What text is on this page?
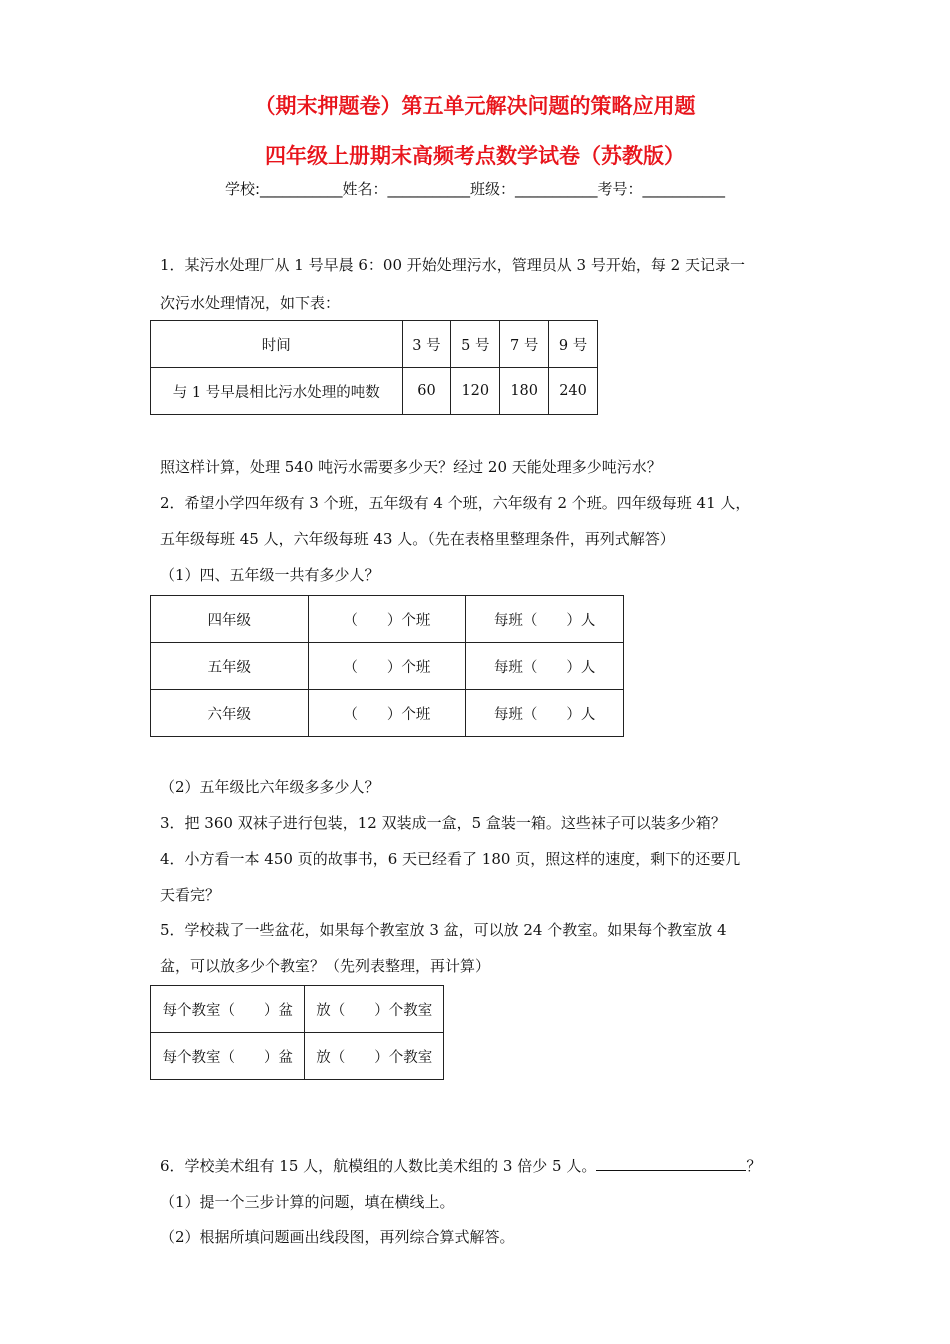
（期末押题卷）第五单元解决问题的策略应用题
四年级上册期末高频考点数学试卷（苏教版）
学校:___________姓名：___________班级：___________考号：___________
1．某污水处理厂从 1 号早晨 6：00 开始处理污水，管理员从 3 号开始，每 2 天记录一
次污水处理情况，如下表：
时间	3 号	5 号	7 号	9 号
与 1 号早晨相比污水处理的吨数	60	120	180	240
照这样计算，处理 540 吨污水需要多少天？经过 20 天能处理多少吨污水？
2．希望小学四年级有 3 个班，五年级有 4 个班，六年级有 2 个班。四年级每班 41 人，
五年级每班 45 人，六年级每班 43 人。（先在表格里整理条件，再列式解答）
（1）四、五年级一共有多少人？
四年级	（　　）个班	每班（　　）人
五年级	（　　）个班	每班（　　）人
六年级	（　　）个班	每班（　　）人
（2）五年级比六年级多多少人？
3．把 360 双袜子进行包装，12 双装成一盒，5 盒装一箱。这些袜子可以装多少箱？
4．小方看一本 450 页的故事书，6 天已经看了 180 页，照这样的速度，剩下的还要几
天看完？
5．学校栽了一些盆花，如果每个教室放 3 盆，可以放 24 个教室。如果每个教室放 4
盆，可以放多少个教室？（先列表整理，再计算）
每个教室（　　）盆	放（　　）个教室
每个教室（　　）盆	放（　　）个教室
6．学校美术组有 15 人，航模组的人数比美术组的 3 倍少 5 人。	？
（1）提一个三步计算的问题，填在横线上。
（2）根据所填问题画出线段图，再列综合算式解答。
